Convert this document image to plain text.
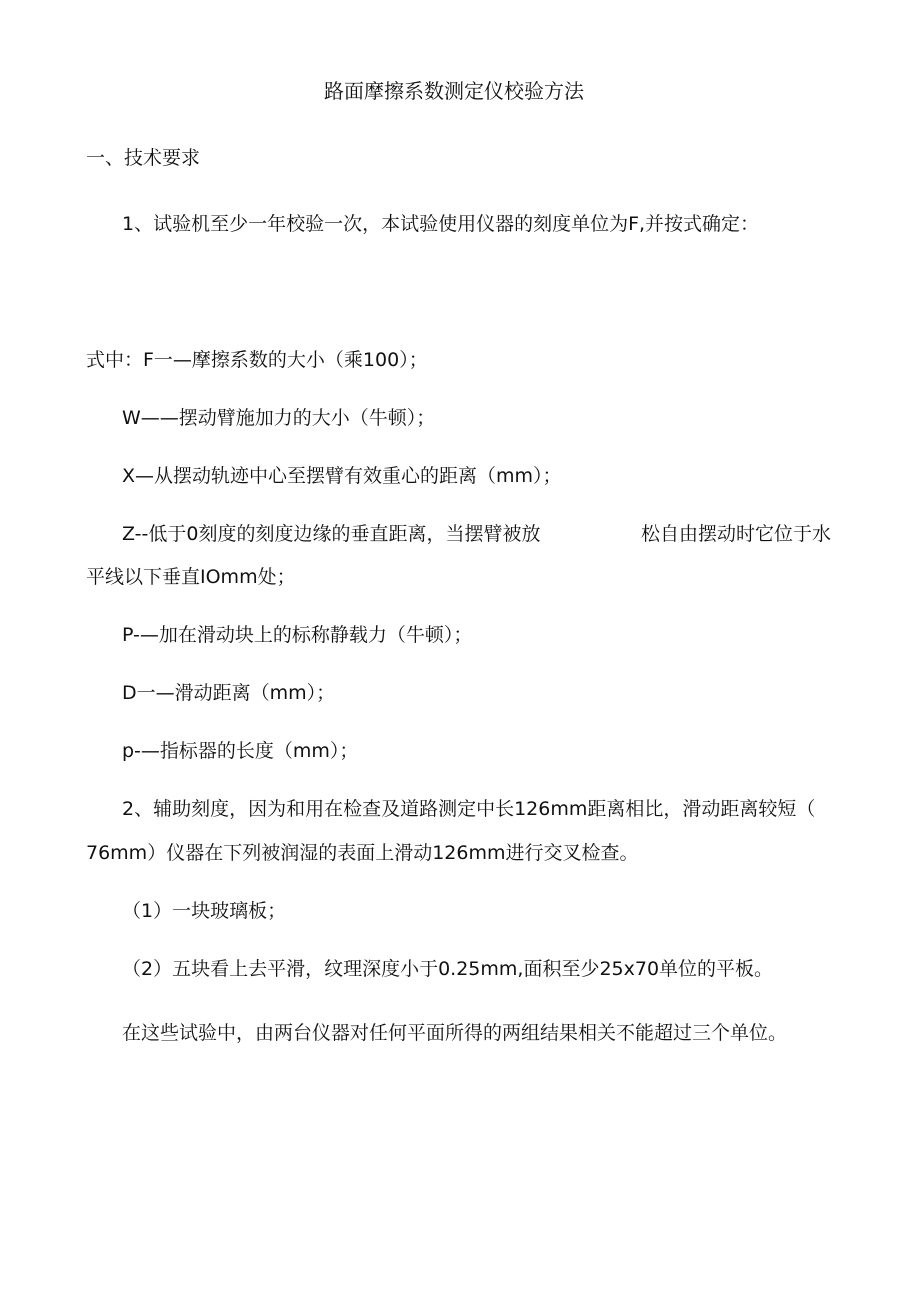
路面摩擦系数测定仪校验方法
一、技术要求
1、试验机至少一年校验一次，本试验使用仪器的刻度单位为F,并按式确定：
式中：F一—摩擦系数的大小（乘100）；
W——摆动臂施加力的大小（牛顿）；
X—从摆动轨迹中心至摆臂有效重心的距离（mm）；
Z--低于0刻度的刻度边缘的垂直距离，当摆臂被放	松自由摆动时它位于水
平线以下垂直IOmm处；
P-—加在滑动块上的标称静载力（牛顿）；
D一—滑动距离（mm）；
p-—指标器的长度（mm）；
2、辅助刻度，因为和用在检查及道路测定中长126mm距离相比，滑动距离较短（
76mm）仪器在下列被润湿的表面上滑动126mm进行交叉检查。
（1）一块玻璃板；
（2）五块看上去平滑，纹理深度小于0.25mm,面积至少25x70单位的平板。
在这些试验中，由两台仪器对任何平面所得的两组结果相关不能超过三个单位。
